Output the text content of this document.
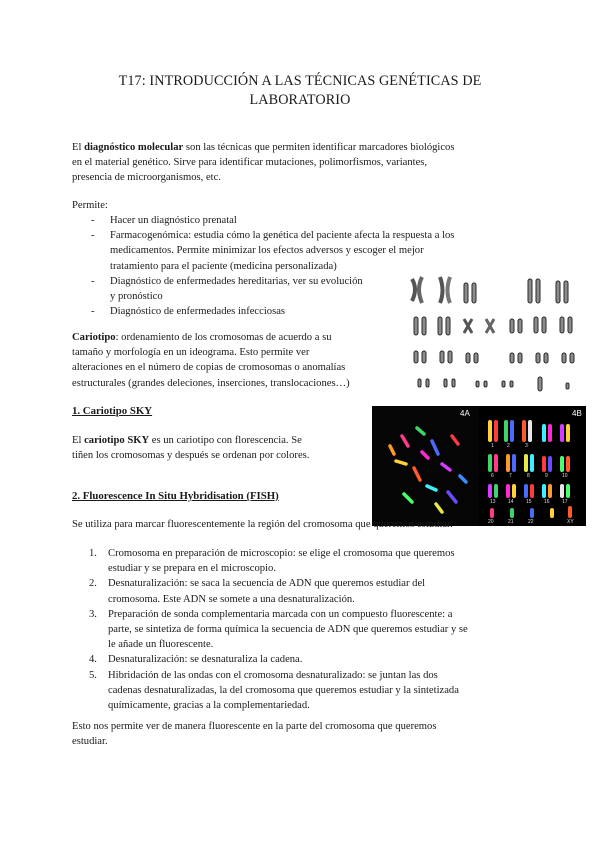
T17: INTRODUCCIÓN A LAS TÉCNICAS GENÉTICAS DE
LABORATORIO
El diagnóstico molecular son las técnicas que permiten identificar marcadores biológicos
en el material genético. Sirve para identificar mutaciones, polimorfismos, variantes,
presencia de microorganismos, etc.
Permite:
- Hacer un diagnóstico prenatal
- Farmacogenómica: estudia cómo la genética del paciente afecta la respuesta a los
medicamentos. Permite minimizar los efectos adversos y escoger el mejor
tratamiento para el paciente (medicina personalizada)
- Diagnóstico de enfermedades hereditarias, ver su evolución
y pronóstico
- Diagnóstico de enfermedades infecciosas
Cariotipo: ordenamiento de los cromosomas de acuerdo a su
tamaño y morfología en un ideograma. Esto permite ver
alteraciones en el número de copias de cromosomas o anomalías
estructurales (grandes deleciones, inserciones, translocaciones…)
1. Cariotipo SKY
El cariotipo SKY es un cariotipo con florescencia. Se
tiñen los cromosomas y después se ordenan por colores.
4A	4B
1	2	3
6	7	8	9	10
13 14 15 16 17
20	21	22	XY
2. Fluorescence In Situ Hybridisation (FISH)
Se utiliza para marcar fluorescentemente la región del cromosoma que queremos estudiar.
1. Cromosoma en preparación de microscopio: se elige el cromosoma que queremos
estudiar y se prepara en el microscopio.
2. Desnaturalización: se saca la secuencia de ADN que queremos estudiar del
cromosoma. Este ADN se somete a una desnaturalización.
3. Preparación de sonda complementaria marcada con un compuesto fluorescente: a
parte, se sintetiza de forma química la secuencia de ADN que queremos estudiar y se
le añade un fluorescente.
4. Desnaturalización: se desnaturaliza la cadena.
5. Hibridación de las ondas con el cromosoma desnaturalizado: se juntan las dos
cadenas desnaturalizadas, la del cromosoma que queremos estudiar y la sintetizada
químicamente, gracias a la complementariedad.
Esto nos permite ver de manera fluorescente en la parte del cromosoma que queremos
estudiar.
